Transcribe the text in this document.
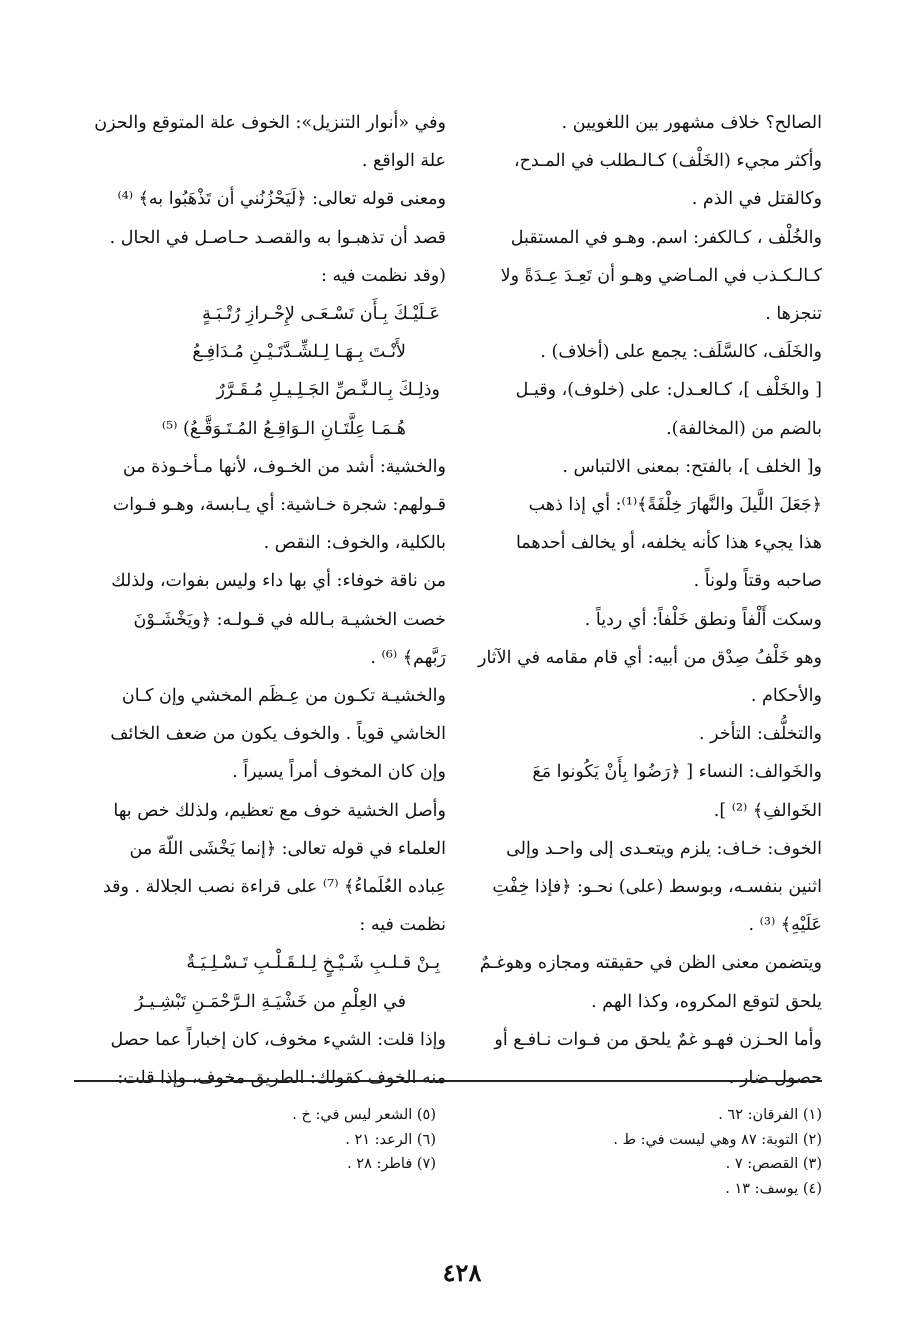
الصالح؟ خلاف مشهور بين اللغويين .

وأكثر مجيء (الخَلْف) كـالـطلب في المـدح،

وكالقتل في الذم .

والخُلْف ، كـالكفر: اسم. وهـو في المستقبل

كـالـكـذب في المـاضي وهـو أن تَعِـدَ عِـدَةً ولا

تنجزها .

والخَلَف، كالسَّلَف: يجمع على (أخلاف) .

[ والخَلْف ]، كـالعـدل: على (خلوف)، وقيـل

بالضم من (المخالفة).

و[ الخلف ]، بالفتح: بمعنى الالتباس .

﴿جَعَلَ اللَّيلَ والنَّهارَ خِلْفَةً﴾⁽¹⁾: أي إذا ذهب

هذا يجيء هذا كأنه يخلفه، أو يخالف أحدهما

صاحبه وقتاً ولوناً .

وسكت أَلْفاً ونطق خَلْفاً: أي ردياً .

وهو خَلْفُ صِدْق من أبيه: أي قام مقامه في الآثار

والأحكام .

والتخلُّف: التأخر .

والخَوالف: النساء [ ﴿رَضُوا بِأَنْ يَكُونوا مَعَ

الخَوالفِ﴾ ⁽²⁾ ].

الخوف: خـاف: يلزم ويتعـدى إلى واحـد وإلى

اثنين بنفسـه، وبوسط (على) نحـو: ﴿فإذا خِفْتِ

عَلَيْهِ﴾ ⁽³⁾ .

ويتضمن معنى الظن في حقيقته ومجازه وهوغـمٌ

يلحق لتوقع المكروه، وكذا الهم .

وأما الحـزن فهـو غمٌ يلحق من فـوات نـافـع أو

حصول ضار .

وفي «أنوار التنزيل»: الخوف علة المتوقع والحزن

علة الواقع .

ومعنى قوله تعالى: ﴿لَيَحْزُنُني أن تَذْهَبُوا به﴾ ⁽⁴⁾

قصد أن تذهبـوا به والقصـد حـاصـل في الحال .

(وقد نظمت فيه :

عَـلَيْـكَ بِـأَن تَسْـعَـى لإِحْـرازِ رُتْـبَـةٍ

لأَنْـتَ بِـهَـا لِـلشِّـدَّتَـيْـنِ مُـدَافِـعُ

وذلِـكَ بِـالـنَّـصِّ الجَـلِـيـلِ مُـقَـرَّرٌ

هُـمَـا عِلَّتَـانِ الـوَاقِـعُ المُـتَـوَقَّـعُ) ⁽⁵⁾

والخشية: أشد من الخـوف، لأنها مـأخـوذة من

قـولهم: شجرة خـاشية: أي يـابسة، وهـو فـوات

بالكلية، والخوف: النقص .

من ناقة خوفاء: أي بها داء وليس بفوات، ولذلك

خصت الخشيـة بـالله في قـولـه: ﴿ويَخْشَـوْنَ

رَبَّهم﴾ ⁽⁶⁾ .

والخشيـة تكـون من عِـظَم المخشي وإن كـان

الخاشي قوياً . والخوف يكون من ضعف الخائف

وإن كان المخوف أمراً يسيراً .

وأصل الخشية خوف مع تعظيم، ولذلك خص بها

العلماء في قوله تعالى: ﴿إنما يَخْشَى اللّهَ من

عِباده العُلَماءُ﴾ ⁽⁷⁾ على قراءة نصب الجلالة . وقد

نظمت فيه :

بِـنْ قـلـبِ شَـيْـخٍ لِـلـقَـلْـبِ تَـسْـلِـيَـةٌ

في العِلْمِ من خَشْيَـةِ الـرَّحْمَـنِ تَبْشِـيـرُ

وإذا قلت: الشيء مخوف، كان إخباراً عما حصل

منه الخوف كقولك: الطريق مخوف، وإذا قلت:

(١) الفرقان: ٦٢ .

(٢) التوبة: ٨٧ وهي ليست في: ط .

(٣) القصص: ٧ .

(٤) يوسف: ١٣ .

(٥) الشعر ليس في: خ .

(٦) الرعد: ٢١ .

(٧) فاطر: ٢٨ .

٤٢٨
